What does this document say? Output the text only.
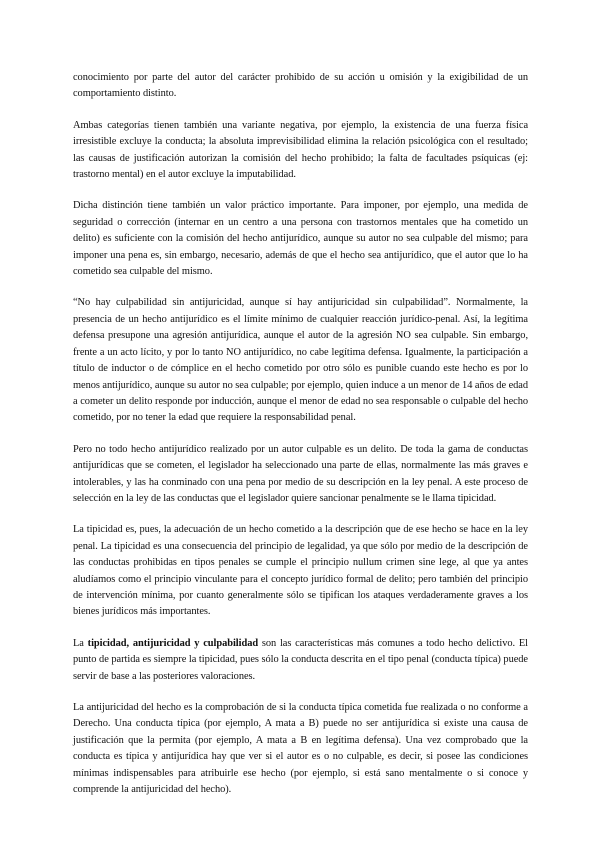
conocimiento por parte del autor del carácter prohibido de su acción u omisión y la exigibilidad de un comportamiento distinto.

Ambas categorías tienen también una variante negativa, por ejemplo, la existencia de una fuerza física irresistible excluye la conducta; la absoluta imprevisibilidad elimina la relación psicológica con el resultado; las causas de justificación autorizan la comisión del hecho prohibido; la falta de facultades psíquicas (ej: trastorno mental) en el autor excluye la imputabilidad.

Dicha distinción tiene también un valor práctico importante. Para imponer, por ejemplo, una medida de seguridad o corrección (internar en un centro a una persona con trastornos mentales que ha cometido un delito) es suficiente con la comisión del hecho antijurídico, aunque su autor no sea culpable del mismo; para imponer una pena es, sin embargo, necesario, además de que el hecho sea antijurídico, que el autor que lo ha cometido sea culpable del mismo.

“No hay culpabilidad sin antijuricidad, aunque sí hay antijuricidad sin culpabilidad”. Normalmente, la presencia de un hecho antijurídico es el límite mínimo de cualquier reacción jurídico-penal. Así, la legítima defensa presupone una agresión antijurídica, aunque el autor de la agresión NO sea culpable. Sin embargo, frente a un acto lícito, y por lo tanto NO antijurídico, no cabe legítima defensa. Igualmente, la participación a título de inductor o de cómplice en el hecho cometido por otro sólo es punible cuando este hecho es por lo menos antijurídico, aunque su autor no sea culpable; por ejemplo, quien induce a un menor de 14 años de edad a cometer un delito responde por inducción, aunque el menor de edad no sea responsable o culpable del hecho cometido, por no tener la edad que requiere la responsabilidad penal.

Pero no todo hecho antijurídico realizado por un autor culpable es un delito. De toda la gama de conductas antijurídicas que se cometen, el legislador ha seleccionado una parte de ellas, normalmente las más graves e intolerables, y las ha conminado con una pena por medio de su descripción en la ley penal. A este proceso de selección en la ley de las conductas que el legislador quiere sancionar penalmente se le llama tipicidad.

La tipicidad es, pues, la adecuación de un hecho cometido a la descripción que de ese hecho se hace en la ley penal. La tipicidad es una consecuencia del principio de legalidad, ya que sólo por medio de la descripción de las conductas prohibidas en tipos penales se cumple el principio nullum crimen sine lege, al que ya antes aludíamos como el principio vinculante para el concepto jurídico formal de delito; pero también del principio de intervención mínima, por cuanto generalmente sólo se tipifican los ataques verdaderamente graves a los bienes jurídicos más importantes.

La tipicidad, antijuricidad y culpabilidad son las características más comunes a todo hecho delictivo. El punto de partida es siempre la tipicidad, pues sólo la conducta descrita en el tipo penal (conducta típica) puede servir de base a las posteriores valoraciones.

La antijuricidad del hecho es la comprobación de si la conducta típica cometida fue realizada o no conforme a Derecho. Una conducta típica (por ejemplo, A mata a B) puede no ser antijurídica si existe una causa de justificación que la permita (por ejemplo, A mata a B en legítima defensa). Una vez comprobado que la conducta es típica y antijurídica hay que ver si el autor es o no culpable, es decir, si posee las condiciones mínimas indispensables para atribuirle ese hecho (por ejemplo, si está sano mentalmente o si conoce y comprende la antijuricidad del hecho).
